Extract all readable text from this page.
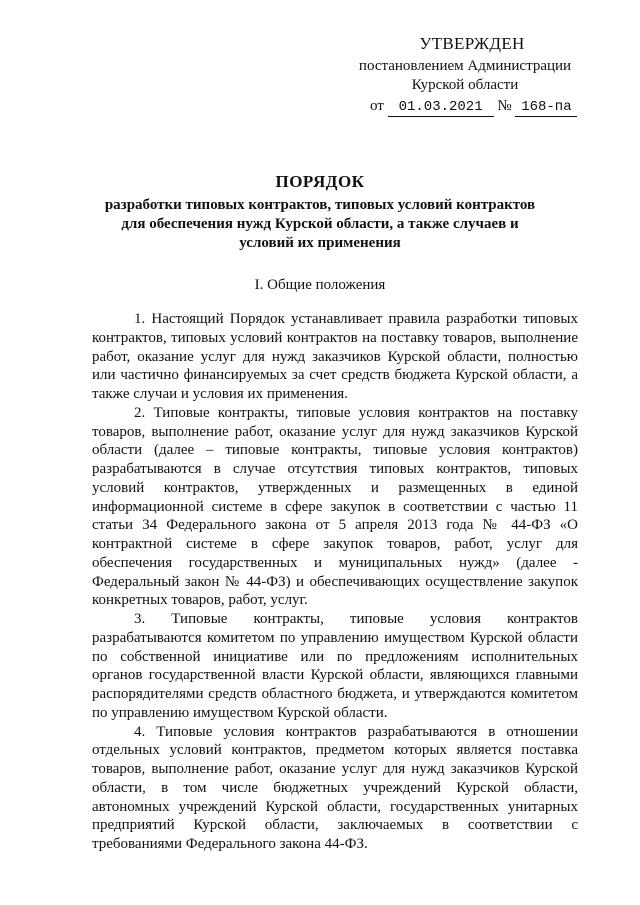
УТВЕРЖДЕН
постановлением Администрации
Курской области
от 01.03.2021 № 168-па
ПОРЯДОК
разработки типовых контрактов, типовых условий контрактов для обеспечения нужд Курской области, а также случаев и условий их применения
I. Общие положения

1. Настоящий Порядок устанавливает правила разработки типовых контрактов, типовых условий контрактов на поставку товаров, выполнение работ, оказание услуг для нужд заказчиков Курской области, полностью или частично финансируемых за счет средств бюджета Курской области, а также случаи и условия их применения.

2. Типовые контракты, типовые условия контрактов на поставку товаров, выполнение работ, оказание услуг для нужд заказчиков Курской области (далее – типовые контракты, типовые условия контрактов) разрабатываются в случае отсутствия типовых контрактов, типовых условий контрактов, утвержденных и размещенных в единой информационной системе в сфере закупок в соответствии с частью 11 статьи 34 Федерального закона от 5 апреля 2013 года № 44-ФЗ «О контрактной системе в сфере закупок товаров, работ, услуг для обеспечения государственных и муниципальных нужд» (далее - Федеральный закон № 44-ФЗ) и обеспечивающих осуществление закупок конкретных товаров, работ, услуг.

3. Типовые контракты, типовые условия контрактов разрабатываются комитетом по управлению имуществом Курской области по собственной инициативе или по предложениям исполнительных органов государственной власти Курской области, являющихся главными распорядителями средств областного бюджета, и утверждаются комитетом по управлению имуществом Курской области.

4. Типовые условия контрактов разрабатываются в отношении отдельных условий контрактов, предметом которых является поставка товаров, выполнение работ, оказание услуг для нужд заказчиков Курской области, в том числе бюджетных учреждений Курской области, автономных учреждений Курской области, государственных унитарных предприятий Курской области, заключаемых в соответствии с требованиями Федерального закона 44-ФЗ.
